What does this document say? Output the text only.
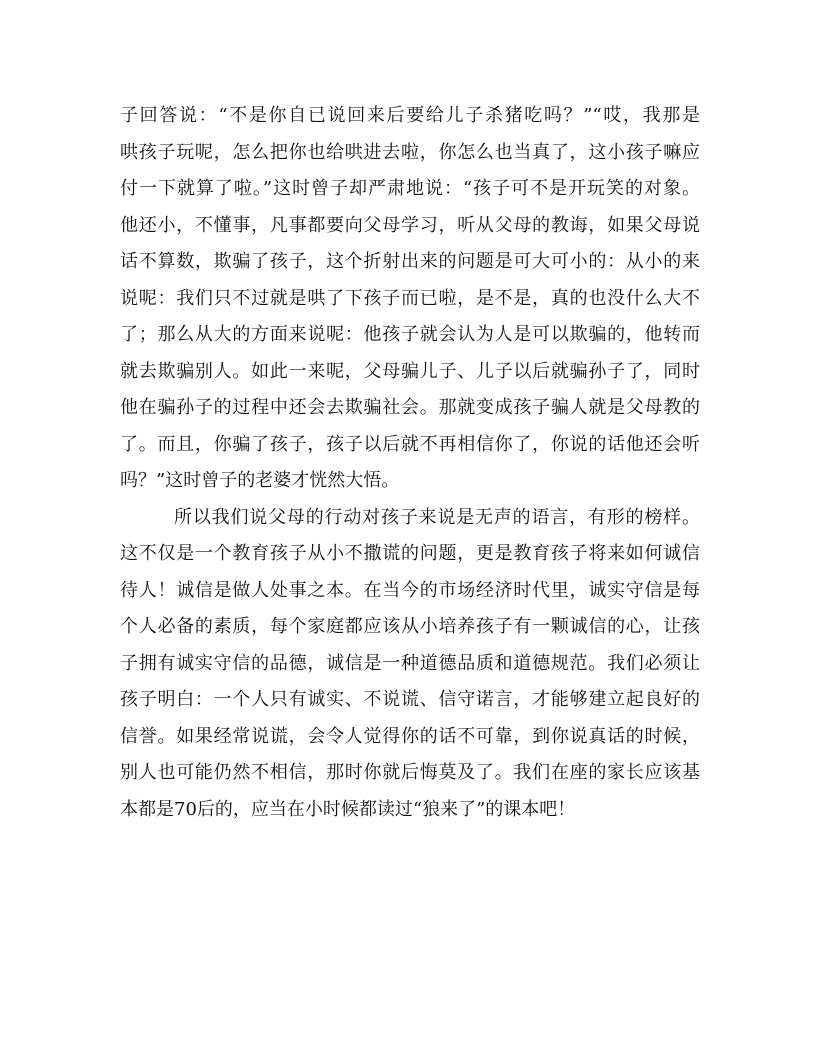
子回答说：“不是你自已说回来后要给儿子杀猪吃吗？”“哎，我那是
哄孩子玩呢，怎么把你也给哄进去啦，你怎么也当真了，这小孩子嘛应
付一下就算了啦。”这时曾子却严肃地说：“孩子可不是开玩笑的对象。
他还小，不懂事，凡事都要向父母学习，听从父母的教诲，如果父母说
话不算数，欺骗了孩子，这个折射出来的问题是可大可小的：从小的来
说呢：我们只不过就是哄了下孩子而已啦，是不是，真的也没什么大不
了；那么从大的方面来说呢：他孩子就会认为人是可以欺骗的，他转而
就去欺骗别人。如此一来呢，父母骗儿子、儿子以后就骗孙子了，同时
他在骗孙子的过程中还会去欺骗社会。那就变成孩子骗人就是父母教的
了。而且，你骗了孩子，孩子以后就不再相信你了，你说的话他还会听
吗？”这时曾子的老婆才恍然大悟。
所以我们说父母的行动对孩子来说是无声的语言，有形的榜样。
这不仅是一个教育孩子从小不撒谎的问题，更是教育孩子将来如何诚信
待人！诚信是做人处事之本。在当今的市场经济时代里，诚实守信是每
个人必备的素质，每个家庭都应该从小培养孩子有一颗诚信的心，让孩
子拥有诚实守信的品德，诚信是一种道德品质和道德规范。我们必须让
孩子明白：一个人只有诚实、不说谎、信守诺言，才能够建立起良好的
信誉。如果经常说谎，会令人觉得你的话不可靠，到你说真话的时候，
别人也可能仍然不相信，那时你就后悔莫及了。我们在座的家长应该基
本都是70后的，应当在小时候都读过“狼来了”的课本吧！
